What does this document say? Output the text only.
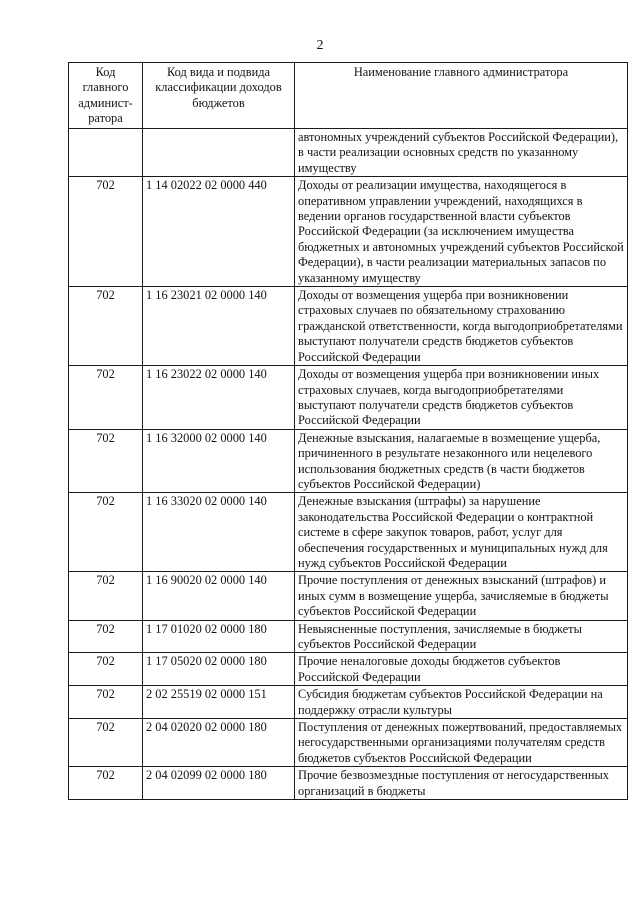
2
Код главного админист-ратора	Код вида и подвида классификации доходов бюджетов	Наименование главного администратора
		автономных учреждений субъектов Российской Федерации), в части реализации основных средств по указанному имуществу
702	1 14 02022 02 0000 440	Доходы от реализации имущества, находящегося в оперативном управлении учреждений, находящихся в ведении органов государственной власти субъектов Российской Федерации (за исключением имущества бюджетных и автономных учреждений субъектов Российской Федерации), в части реализации материальных запасов по указанному имуществу
702	1 16 23021 02 0000 140	Доходы от возмещения ущерба при возникновении страховых случаев по обязательному страхованию гражданской ответственности, когда выгодоприобретателями выступают получатели средств бюджетов субъектов Российской Федерации
702	1 16 23022 02 0000 140	Доходы от возмещения ущерба при возникновении иных страховых случаев, когда выгодоприобретателями выступают получатели средств бюджетов субъектов Российской Федерации
702	1 16 32000 02 0000 140	Денежные взыскания, налагаемые в возмещение ущерба, причиненного в результате незаконного или нецелевого использования бюджетных средств (в части бюджетов субъектов Российской Федерации)
702	1 16 33020 02 0000 140	Денежные взыскания (штрафы) за нарушение законодательства Российской Федерации о контрактной системе в сфере закупок товаров, работ, услуг для обеспечения государственных и муниципальных нужд для нужд субъектов Российской Федерации
702	1 16 90020 02 0000 140	Прочие поступления от денежных взысканий (штрафов) и иных сумм в возмещение ущерба, зачисляемые в бюджеты субъектов Российской Федерации
702	1 17 01020 02 0000 180	Невыясненные поступления, зачисляемые в бюджеты субъектов Российской Федерации
702	1 17 05020 02 0000 180	Прочие неналоговые доходы бюджетов субъектов Российской Федерации
702	2 02 25519 02 0000 151	Субсидия бюджетам субъектов Российской Федерации на поддержку отрасли культуры
702	2 04 02020 02 0000 180	Поступления от денежных пожертвований, предоставляемых негосударственными организациями получателям средств бюджетов субъектов Российской Федерации
702	2 04 02099 02 0000 180	Прочие безвозмездные поступления от негосударственных организаций в бюджеты
